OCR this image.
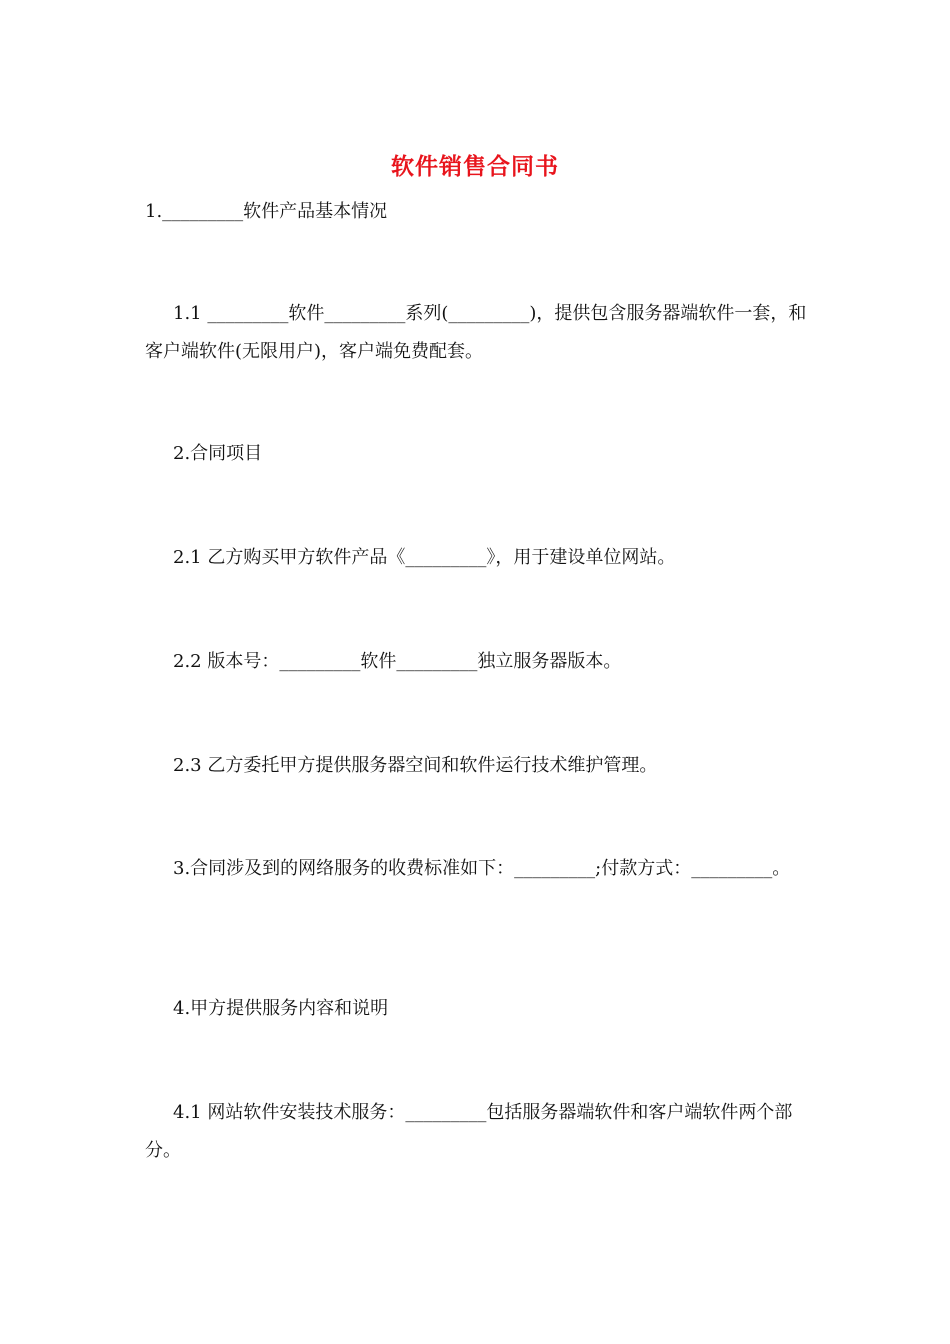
软件销售合同书
1._________软件产品基本情况
1.1 _________软件_________系列(_________)，提供包含服务器端软件一套，和客户端软件(无限用户)，客户端免费配套。
2.合同项目
2.1 乙方购买甲方软件产品《_________》，用于建设单位网站。
2.2 版本号：_________软件_________独立服务器版本。
2.3 乙方委托甲方提供服务器空间和软件运行技术维护管理。
3.合同涉及到的网络服务的收费标准如下：_________;付款方式：_________。
4.甲方提供服务内容和说明
4.1 网站软件安装技术服务：_________包括服务器端软件和客户端软件两个部分。
